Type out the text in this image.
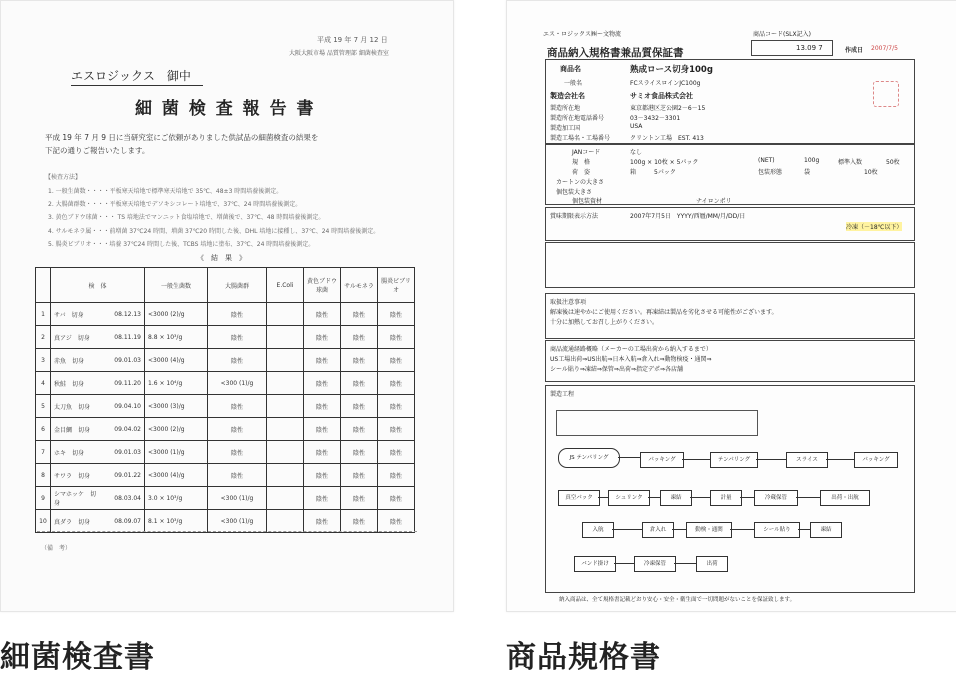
平成 19 年 7 月 12 日
大阪大阪市場 品質管理部 細菌検査室
エスロジックス　御中
細 菌 検 査 報 告 書
平成 19 年 7 月 9 日に当研究室にご依頼がありました供試品の細菌検査の結果を
下記の通りご報告いたします。
【検査方法】
1. 一般生菌数・・・・平板寒天培地で標準寒天培地で 35℃、48±3 時間培養後測定。
2. 大腸菌群数・・・・平板寒天培地でデソキシコレート培地で、37℃、24 時間培養後測定。
3. 黄色ブドウ球菌・・・ TS 培地法でマンニット食塩培地で、増菌後で、37℃、48 時間培養後測定。
4. サルモネラ属・・・前増菌 37℃24 時間、増菌 37℃20 時間した後、DHL 培地に接種し、37℃、24 時間培養後測定。
5. 腸炎ビブリオ・・・培養 37℃24 時間した後、TCBS 培地に塗布、37℃、24 時間培養後測定。
《　結　果　》
	検　体		一般生菌数	大腸菌群	E.Coli	黄色ブドウ球菌	サルモネラ	腸炎ビブリオ
1	サバ　切身	08.12.13	<3000 (2)/g	陰性		陰性	陰性	陰性
2	真アジ　切身	08.11.19	8.8 × 10³/g	陰性		陰性	陰性	陰性
3	赤魚　切身	09.01.03	<3000 (4)/g	陰性		陰性	陰性	陰性
4	秋鮭　切身	09.11.20	1.6 × 10⁴/g	<300 (1)/g		陰性	陰性	陰性
5	太刀魚　切身	09.04.10	<3000 (3)/g	陰性		陰性	陰性	陰性
6	金目鯛　切身	09.04.02	<3000 (2)/g	陰性		陰性	陰性	陰性
7	ホキ　切身	09.01.03	<3000 (1)/g	陰性		陰性	陰性	陰性
8	サワラ　切身	09.01.22	<3000 (4)/g	陰性		陰性	陰性	陰性
9	シマホッケ　切身	08.03.04	3.0 × 10³/g	<300 (1)/g		陰性	陰性	陰性
10	真ダラ　切身	08.09.07	8.1 × 10³/g	<300 (1)/g		陰性	陰性	陰性
（備　考）
細菌検査書
エス・ロジックス㈱ー文物流	商品コード(SLX記入)
商品納入規格書兼品質保証書	13.09 7	作成日 2007/7/5
商品名	熟成ロース切身100g
一般名	FCスライスロインJC100g
製造会社名	サミオ食品株式会社
製造所在地	東京都港区芝公園2－6－15
製造所在地電話番号	03－3432－3301
製造加工国	USA
製造工場名・工場番号	クリントン工場　EST. 413
JANコード	なし
規　格	100g × 10枚 × 5パック	(NET)	100g	標準入数	50枚
荷　姿	箱	5パック	包装形態	袋	10枚
カートンの大きさ
個包装大きさ
個包装資材	ナイロンポリ
賞味期限表示方法	2007年7月5日　YYYY/西暦/MM/月/DD/日
冷凍（－18℃以下）
取扱注意事項
解凍後は速やかにご使用ください。再凍結は製品を劣化させる可能性がございます。
十分に加熱してお召し上がりください。
商品流通経路概略（メーカーの工場出荷から納入するまで）
US工場出荷⇒US出航⇒日本入航⇒倉入れ⇒動物検疫・通関⇒
シール貼り⇒凍結⇒保管⇒出荷⇒指定デポ⇒各店舗
製造工程
JS テンパリング	パッキング	テンパリング	スライス	パッキング
真空パック	シュリンク	凍結	計量	冷蔵保管	出荷・出航
入航	倉入れ	動検・通関	シール貼り	凍結
バンド掛け	冷凍保管	出荷
納入商品は、全て規格書記載どおり安心・安全・衛生面で一切問題がないことを保証致します。
商品規格書
